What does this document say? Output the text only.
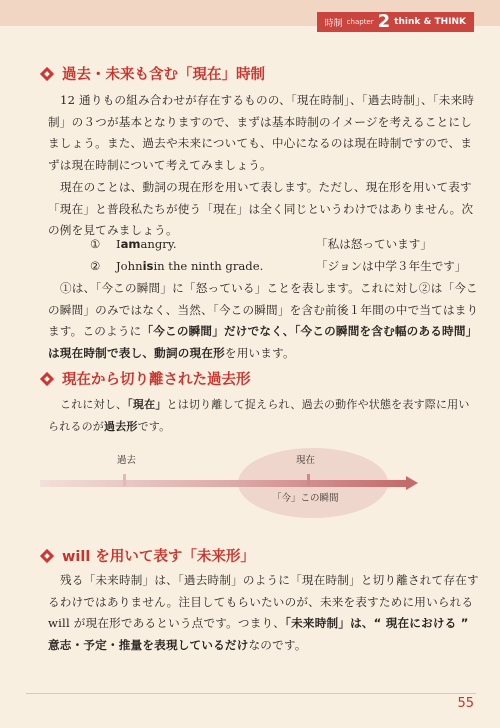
時制 chapter 2 think & THINK
過去・未来も含む「現在」時制
12 通りもの組み合わせが存在するものの、「現在時制」、「過去時制」、「未来時制」の３つが基本となりますので、まずは基本時制のイメージを考えることにしましょう。また、過去や未来についても、中心になるのは現在時制ですので、まずは現在時制について考えてみましょう。
現在のことは、動詞の現在形を用いて表します。ただし、現在形を用いて表す「現在」と普段私たちが使う「現在」は全く同じというわけではありません。次の例を見てみましょう。
① Iamangry.	「私は怒っています」
② Johnisin the ninth grade.	「ジョンは中学３年生です」
①は、「今この瞬間」に「怒っている」ことを表します。これに対し②は「今この瞬間」のみではなく、当然、「今この瞬間」を含む前後１年間の中で当てはまります。このように「今この瞬間」だけでなく、「今この瞬間を含む幅のある時間」は現在時制で表し、動詞の現在形を用います。
現在から切り離された過去形
これに対し、「現在」とは切り離して捉えられ、過去の動作や状態を表す際に用いられるのが過去形です。
過去	現在
「今」この瞬間
will を用いて表す「未来形」
残る「未来時制」は、「過去時制」のように「現在時制」と切り離されて存在するわけではありません。注目してもらいたいのが、未来を表すために用いられる will が現在形であるという点です。つまり、「未来時制」は、“ 現在における ” 意志・予定・推量を表現しているだけなのです。
55
